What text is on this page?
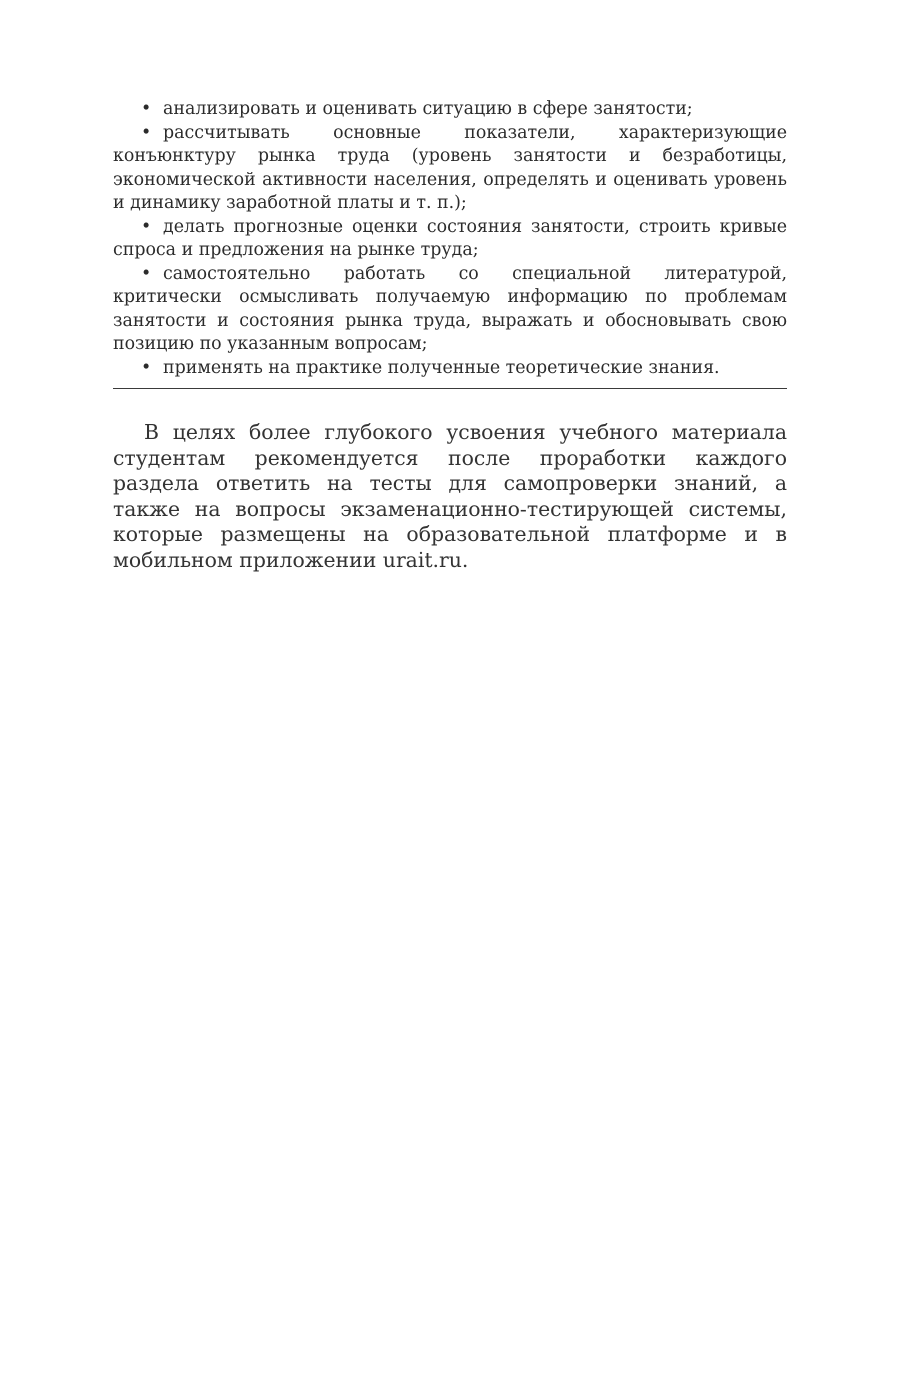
• анализировать и оценивать ситуацию в сфере занятости;
• рассчитывать основные показатели, характеризующие конъюнктуру рынка труда (уровень занятости и безработицы, экономической активности населения, определять и оценивать уровень и динамику заработной платы и т. п.);
• делать прогнозные оценки состояния занятости, строить кривые спроса и предложения на рынке труда;
• самостоятельно работать со специальной литературой, критически осмысливать получаемую информацию по проблемам занятости и состояния рынка труда, выражать и обосновывать свою позицию по указанным вопросам;
• применять на практике полученные теоретические знания.

В целях более глубокого усвоения учебного материала студентам рекомендуется после проработки каждого раздела ответить на тесты для самопроверки знаний, а также на вопросы экзаменационно-тестирующей системы, которые размещены на образовательной платформе и в мобильном приложении urait.ru.
